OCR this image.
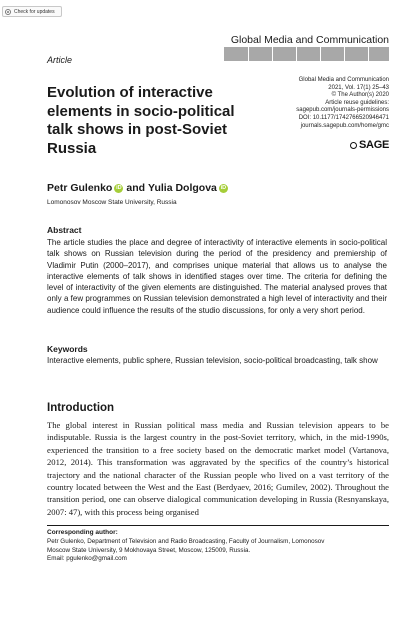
Check for updates
Global Media and Communication
Article
Global Media and Communication
2021, Vol. 17(1) 25–43
© The Author(s) 2020
Article reuse guidelines:
sagepub.com/journals-permissions
DOI: 10.1177/1742766520946471
journals.sagepub.com/home/gmc
SAGE
Evolution of interactive elements in socio-political talk shows in post-Soviet Russia
Petr Gulenko iD and Yulia Dolgova iD
Lomonosov Moscow State University, Russia
Abstract
The article studies the place and degree of interactivity of interactive elements in socio-political talk shows on Russian television during the period of the presidency and premiership of Vladimir Putin (2000–2017), and comprises unique material that allows us to analyse the interactive elements of talk shows in identified stages over time. The criteria for defining the level of interactivity of the given elements are distinguished. The material analysed proves that only a few programmes on Russian television demonstrated a high level of interactivity and their audience could influence the results of the studio discussions, for only a very short period.
Keywords
Interactive elements, public sphere, Russian television, socio-political broadcasting, talk show
Introduction
The global interest in Russian political mass media and Russian television appears to be indisputable. Russia is the largest country in the post-Soviet territory, which, in the mid-1990s, experienced the transition to a free society based on the democratic market model (Vartanova, 2012, 2014). This transformation was aggravated by the specifics of the country’s historical trajectory and the national character of the Russian people who lived on a vast territory of the country located between the West and the East (Berdyaev, 2016; Gumilev, 2002). Throughout the transition period, one can observe dialogical communication developing in Russia (Resnyanskaya, 2007: 47), with this process being organised
Corresponding author:
Petr Gulenko, Department of Television and Radio Broadcasting, Faculty of Journalism, Lomonosov
Moscow State University, 9 Mokhovaya Street, Moscow, 125009, Russia.
Email: pgulenko@gmail.com
